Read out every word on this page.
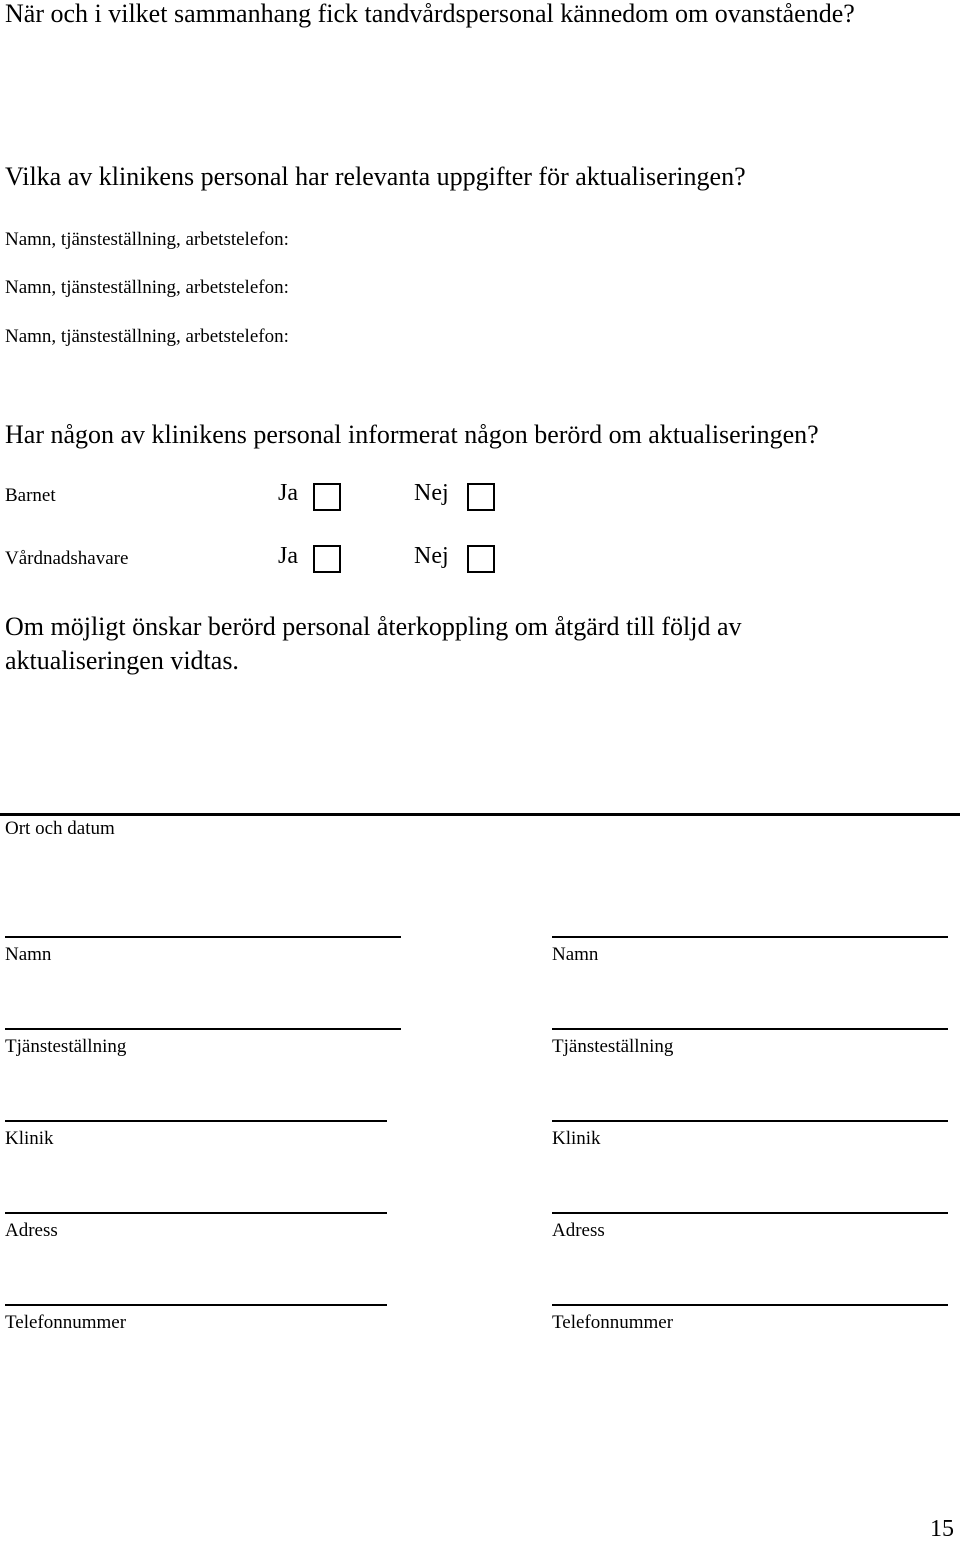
När och i vilket sammanhang fick tandvårdspersonal kännedom om ovanstående?
Vilka av klinikens personal har relevanta uppgifter för aktualiseringen?
Namn, tjänsteställning, arbetstelefon:
Namn, tjänsteställning, arbetstelefon:
Namn, tjänsteställning, arbetstelefon:
Har någon av klinikens personal informerat någon berörd om aktualiseringen?
Barnet	Ja	Nej
Vårdnadshavare	Ja	Nej
Om möjligt önskar berörd personal återkoppling om åtgärd till följd av aktualiseringen vidtas.
Ort och datum
Namn
Tjänsteställning
Klinik
Adress
Telefonnummer
Namn
Tjänsteställning
Klinik
Adress
Telefonnummer
15
